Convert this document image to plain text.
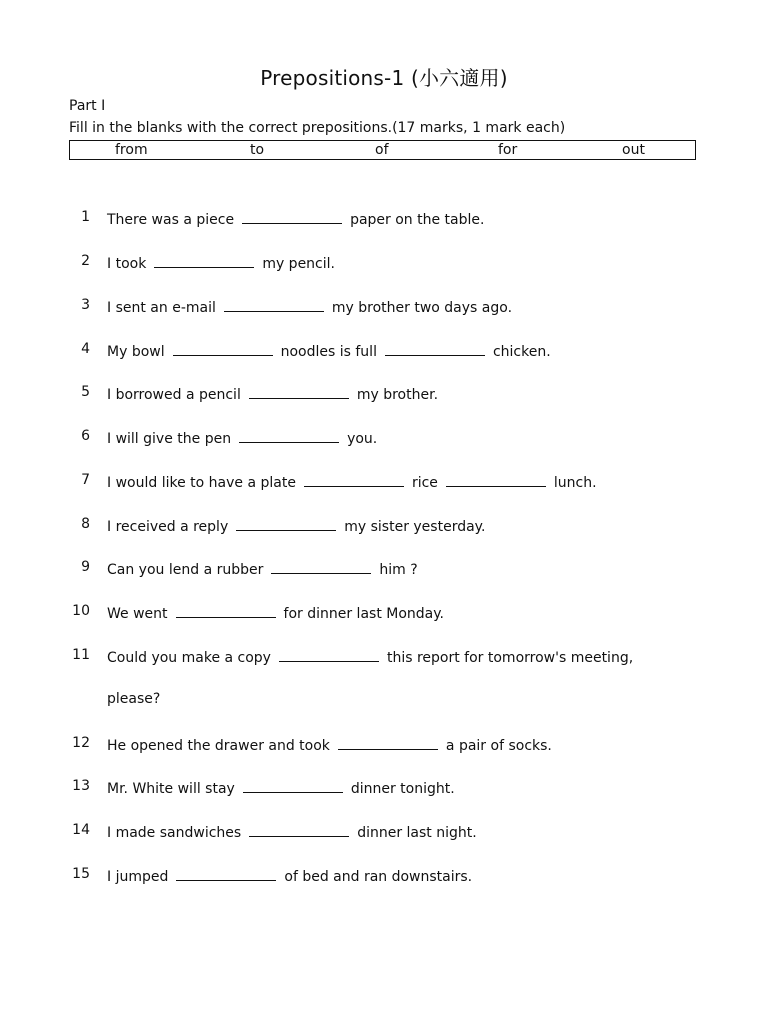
Prepositions-1 (小六適用)
Part I
Fill in the blanks with the correct prepositions.(17 marks, 1 mark each)
from	to	of	for	out
1 There was a piece	paper on the table.
2 I took	my pencil.
3 I sent an e-mail	my brother two days ago.
4 My bowl	noodles is full	chicken.
5 I borrowed a pencil	my brother.
6 I will give the pen	you.
7 I would like to have a plate	rice	lunch.
8 I received a reply	my sister yesterday.
9 Can you lend a rubber	him ?
10 We went	for dinner last Monday.
11 Could you make a copy	this report for tomorrow's meeting,
please?
12 He opened the drawer and took	a pair of socks.
13 Mr. White will stay	dinner tonight.
14 I made sandwiches	dinner last night.
15 I jumped	of bed and ran downstairs.
